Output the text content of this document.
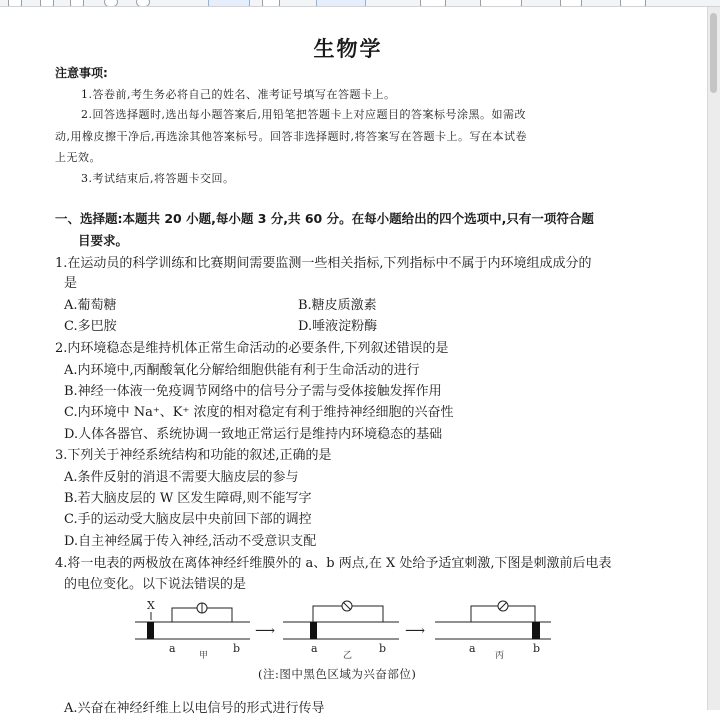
生物学
注意事项:
1.答卷前,考生务必将自己的姓名、准考证号填写在答题卡上。
2.回答选择题时,选出每小题答案后,用铅笔把答题卡上对应题目的答案标号涂黑。如需改
动,用橡皮擦干净后,再选涂其他答案标号。回答非选择题时,将答案写在答题卡上。写在本试卷
上无效。
3.考试结束后,将答题卡交回。
一、选择题:本题共 20 小题,每小题 3 分,共 60 分。在每小题给出的四个选项中,只有一项符合题
目要求。
1.在运动员的科学训练和比赛期间需要监测一些相关指标,下列指标中不属于内环境组成成分的
是
A.葡萄糖	B.糖皮质激素
C.多巴胺	D.唾液淀粉酶
2.内环境稳态是维持机体正常生命活动的必要条件,下列叙述错误的是
A.内环境中,丙酮酸氧化分解给细胞供能有利于生命活动的进行
B.神经一体液一免疫调节网络中的信号分子需与受体接触发挥作用
C.内环境中 Na⁺、K⁺ 浓度的相对稳定有利于维持神经细胞的兴奋性
D.人体各器官、系统协调一致地正常运行是维持内环境稳态的基础
3.下列关于神经系统结构和功能的叙述,正确的是
A.条件反射的消退不需要大脑皮层的参与
B.若大脑皮层的 W 区发生障碍,则不能写字
C.手的运动受大脑皮层中央前回下部的调控
D.自主神经属于传入神经,活动不受意识支配
4.将一电表的两极放在离体神经纤维膜外的 a、b 两点,在 X 处给予适宜刺激,下图是刺激前后电表
的电位变化。以下说法错误的是
X
a	b
甲
⟶
a	b
乙
⟶
a	b
丙
(注:图中黑色区域为兴奋部位)
A.兴奋在神经纤维上以电信号的形式进行传导
